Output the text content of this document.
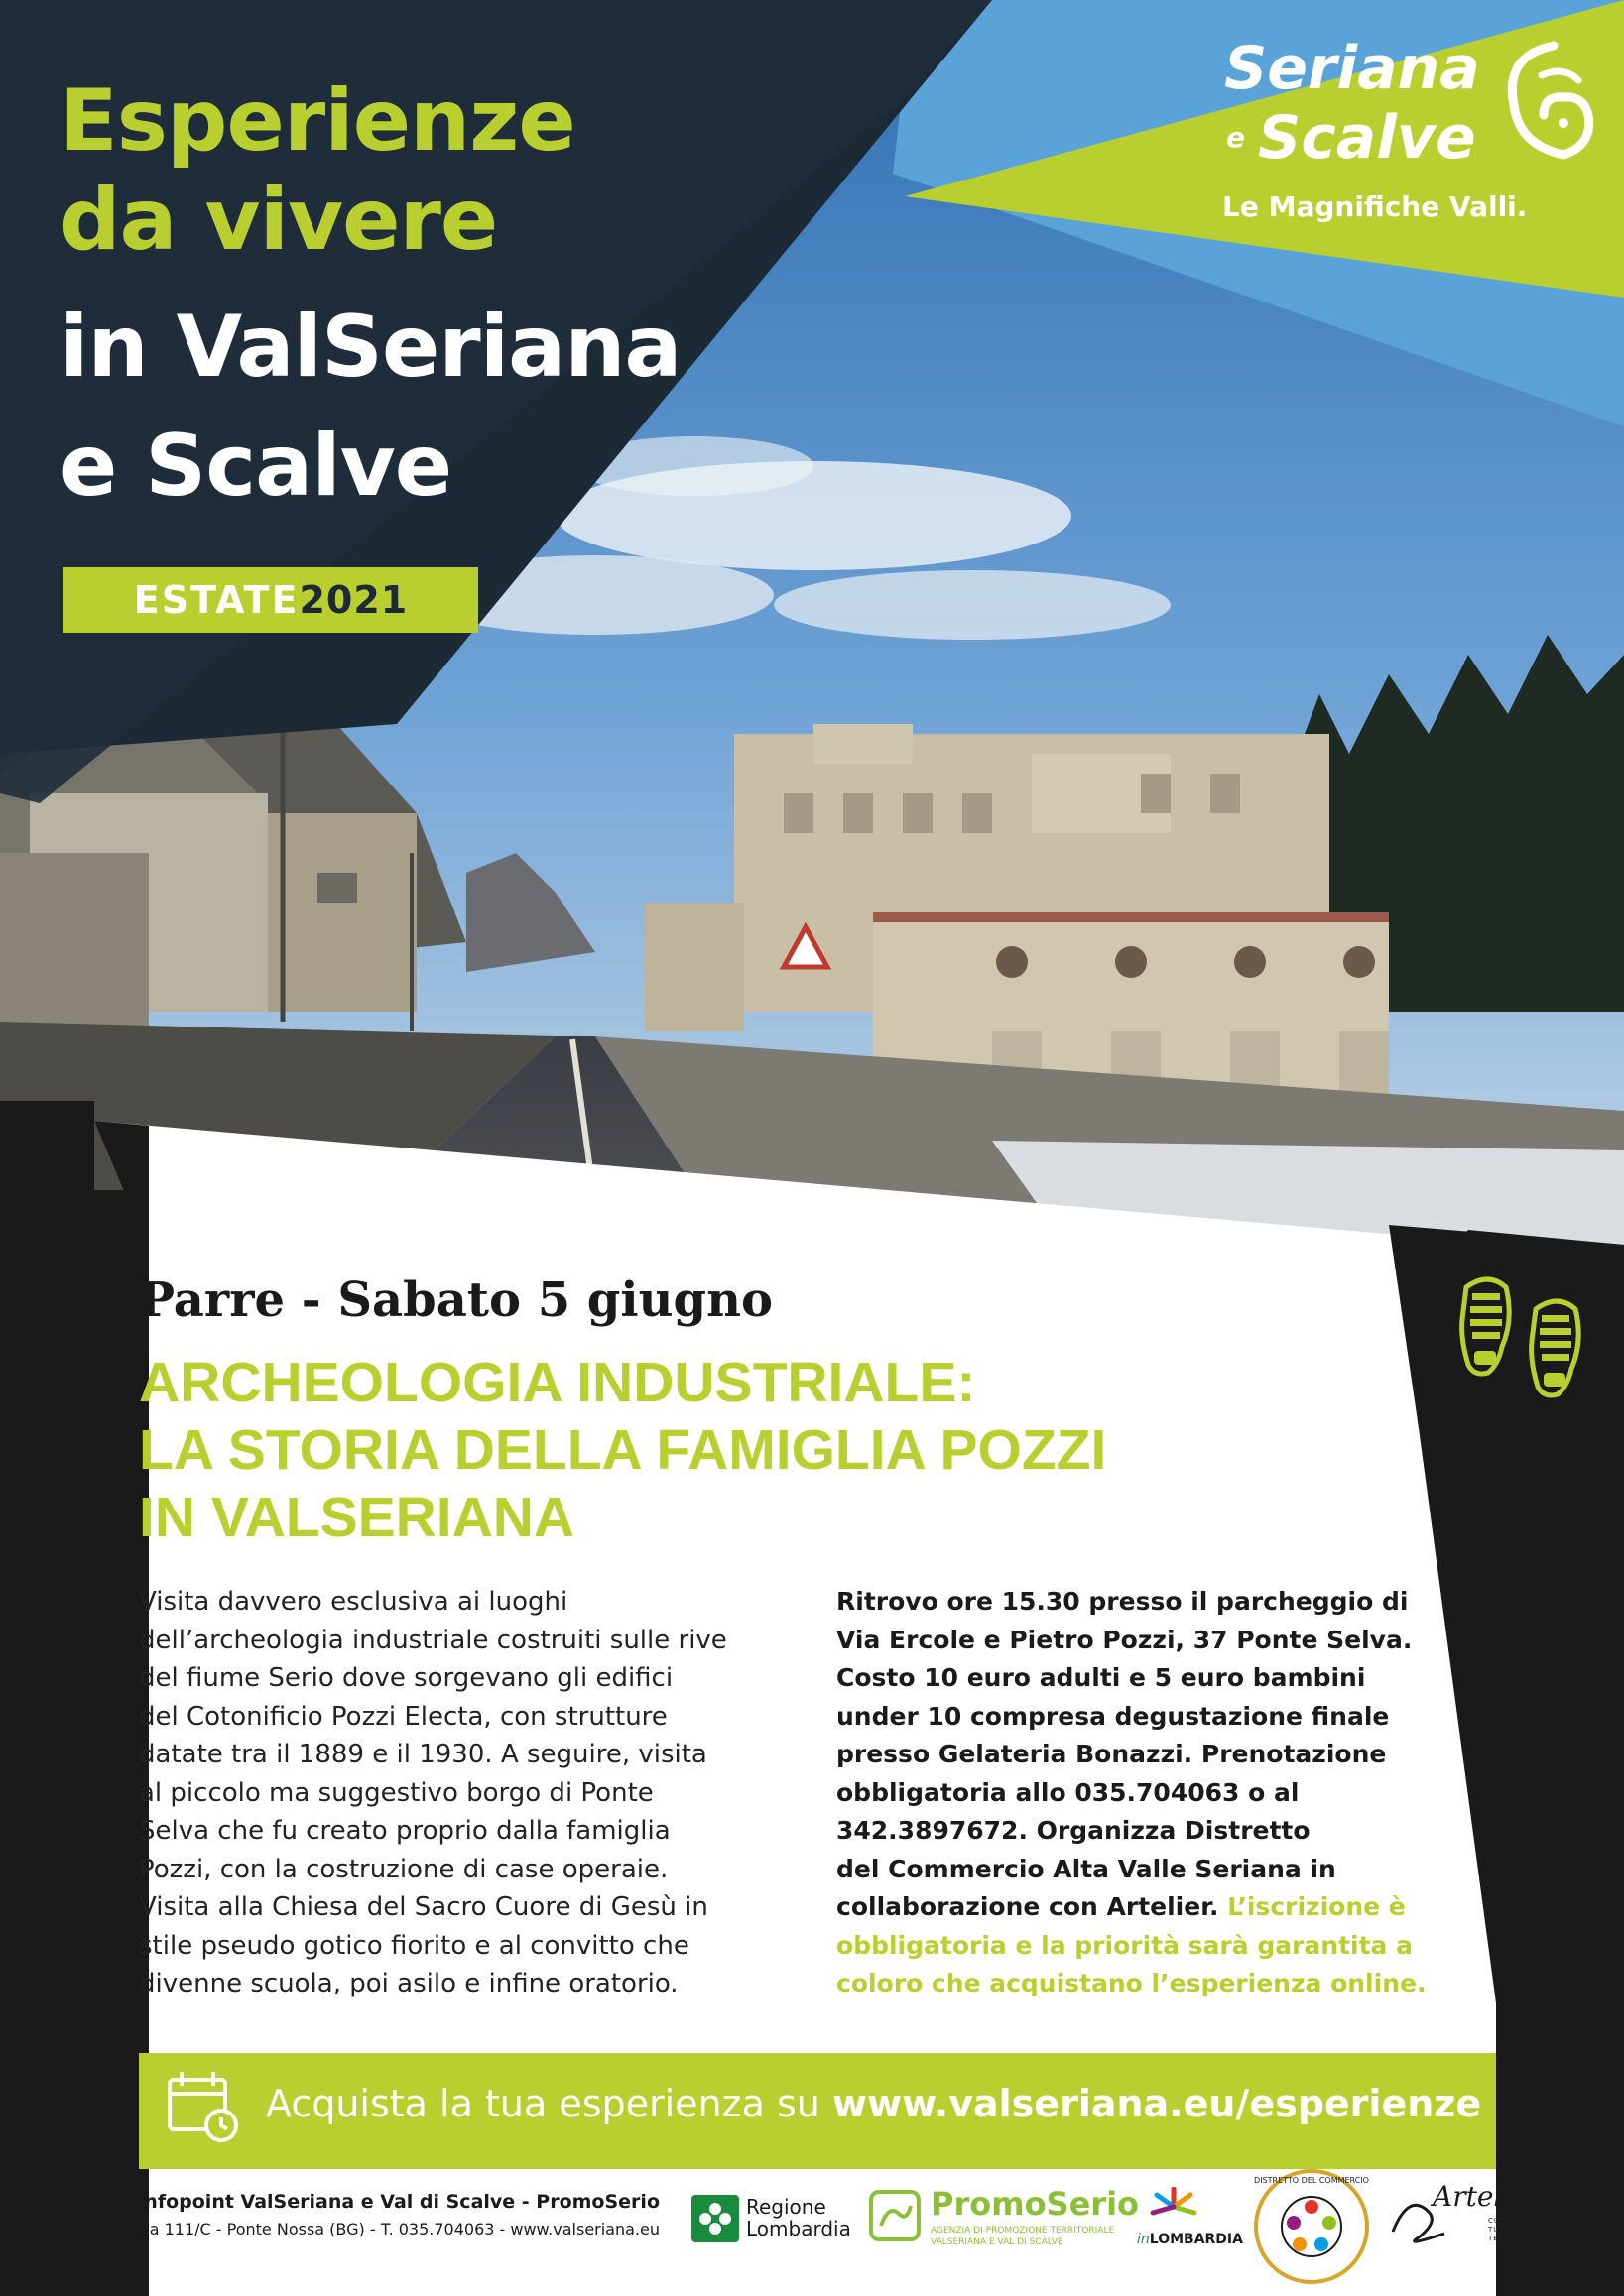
Esperienze
da vivere
in ValSeriana
e Scalve
ESTATE 2021
Seriana
e Scalve
Le Magnifiche Valli.
Parre - Sabato 5 giugno
ARCHEOLOGIA INDUSTRIALE:
LA STORIA DELLA FAMIGLIA POZZI
IN VALSERIANA
Visita davvero esclusiva ai luoghi
dell’archeologia industriale costruiti sulle rive
del fiume Serio dove sorgevano gli edifici
del Cotonificio Pozzi Electa, con strutture
datate tra il 1889 e il 1930. A seguire, visita
al piccolo ma suggestivo borgo di Ponte
Selva che fu creato proprio dalla famiglia
Pozzi, con la costruzione di case operaie.
Visita alla Chiesa del Sacro Cuore di Gesù in
stile pseudo gotico fiorito e al convitto che
divenne scuola, poi asilo e infine oratorio.
Ritrovo ore 15.30 presso il parcheggio di
Via Ercole e Pietro Pozzi, 37 Ponte Selva.
Costo 10 euro adulti e 5 euro bambini
under 10 compresa degustazione finale
presso Gelateria Bonazzi. Prenotazione
obbligatoria allo 035.704063 o al
342.3897672. Organizza Distretto
del Commercio Alta Valle Seriana in
collaborazione con Artelier. L’iscrizione è
obbligatoria e la priorità sarà garantita a
coloro che acquistano l’esperienza online.
Acquista la tua esperienza su www.valseriana.eu/esperienze
Infopoint ValSeriana e Val di Scalve - PromoSerio
via Europa 111/C - Ponte Nossa (BG) - T. 035.704063 - www.valseriana.eu
Regione
Lombardia
PromoSerio
AGENZIA DI PROMOZIONE TERRITORIALE
VALSERIANA E VAL DI SCALVE	inLOMBARDIA
DISTRETTO DEL COMMERCIO Artelier
CULTURA
TURISMO
TERRITORIO
